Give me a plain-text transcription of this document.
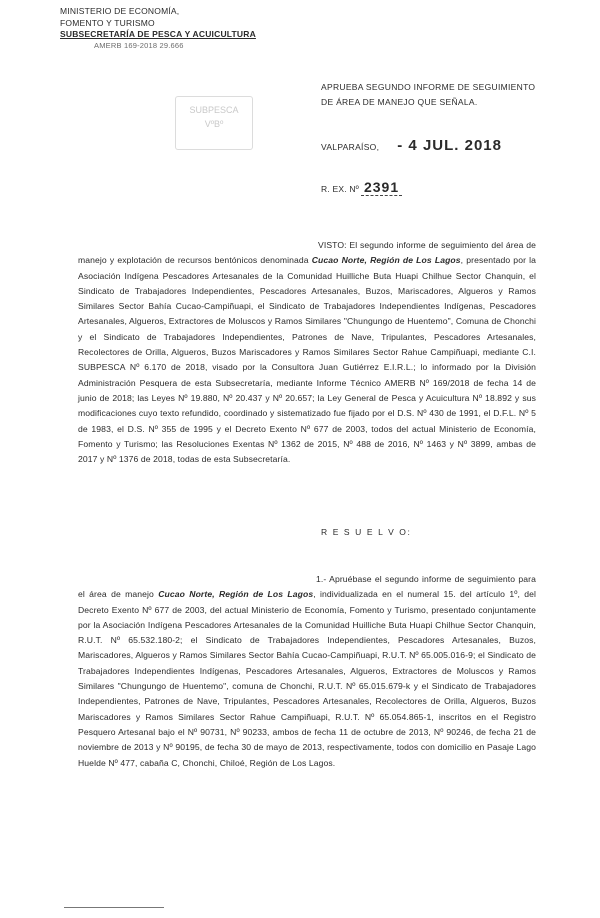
MINISTERIO DE ECONOMÍA,
FOMENTO Y TURISMO
SUBSECRETARÍA DE PESCA Y ACUICULTURA
AMERB 169-2018 29.666
SUBPESCA
VºBº
APRUEBA SEGUNDO INFORME DE SEGUIMIENTO DE ÁREA DE MANEJO QUE SEÑALA.
VALPARAÍSO, - 4 JUL. 2018
R. EX. Nº 2391
VISTO: El segundo informe de seguimiento del área de manejo y explotación de recursos bentónicos denominada Cucao Norte, Región de Los Lagos, presentado por la Asociación Indígena Pescadores Artesanales de la Comunidad Huilliche Buta Huapi Chilhue Sector Chanquin, el Sindicato de Trabajadores Independientes, Pescadores Artesanales, Buzos, Mariscadores, Algueros y Ramos Similares Sector Bahía Cucao-Campiñuapi, el Sindicato de Trabajadores Independientes Indígenas, Pescadores Artesanales, Algueros, Extractores de Moluscos y Ramos Similares "Chungungo de Huentemo", Comuna de Chonchi y el Sindicato de Trabajadores Independientes, Patrones de Nave, Tripulantes, Pescadores Artesanales, Recolectores de Orilla, Algueros, Buzos Mariscadores y Ramos Similares Sector Rahue Campiñuapi, mediante C.I. SUBPESCA Nº 6.170 de 2018, visado por la Consultora Juan Gutiérrez E.I.R.L.; lo informado por la División Administración Pesquera de esta Subsecretaría, mediante Informe Técnico AMERB Nº 169/2018 de fecha 14 de junio de 2018; las Leyes Nº 19.880, Nº 20.437 y Nº 20.657; la Ley General de Pesca y Acuicultura Nº 18.892 y sus modificaciones cuyo texto refundido, coordinado y sistematizado fue fijado por el D.S. Nº 430 de 1991, el D.F.L. Nº 5 de 1983, el D.S. Nº 355 de 1995 y el Decreto Exento Nº 677 de 2003, todos del actual Ministerio de Economía, Fomento y Turismo; las Resoluciones Exentas Nº 1362 de 2015, Nº 488 de 2016, Nº 1463 y Nº 3899, ambas de 2017 y Nº 1376 de 2018, todas de esta Subsecretaría.
R E S U E L V O:
1.- Apruébase el segundo informe de seguimiento para el área de manejo Cucao Norte, Región de Los Lagos, individualizada en el numeral 15. del artículo 1º, del Decreto Exento Nº 677 de 2003, del actual Ministerio de Economía, Fomento y Turismo, presentado conjuntamente por la Asociación Indígena Pescadores Artesanales de la Comunidad Huilliche Buta Huapi Chilhue Sector Chanquin, R.U.T. Nº 65.532.180-2; el Sindicato de Trabajadores Independientes, Pescadores Artesanales, Buzos, Mariscadores, Algueros y Ramos Similares Sector Bahía Cucao-Campiñuapi, R.U.T. Nº 65.005.016-9; el Sindicato de Trabajadores Independientes Indígenas, Pescadores Artesanales, Algueros, Extractores de Moluscos y Ramos Similares "Chungungo de Huentemo", comuna de Chonchi, R.U.T. Nº 65.015.679-k y el Sindicato de Trabajadores Independientes, Patrones de Nave, Tripulantes, Pescadores Artesanales, Recolectores de Orilla, Algueros, Buzos Mariscadores y Ramos Similares Sector Rahue Campiñuapi, R.U.T. Nº 65.054.865-1, inscritos en el Registro Pesquero Artesanal bajo el Nº 90731, Nº 90233, ambos de fecha 11 de octubre de 2013, Nº 90246, de fecha 21 de noviembre de 2013 y Nº 90195, de fecha 30 de mayo de 2013, respectivamente, todos con domicilio en Pasaje Lago Huelde Nº 477, cabaña C, Chonchi, Chiloé, Región de Los Lagos.
